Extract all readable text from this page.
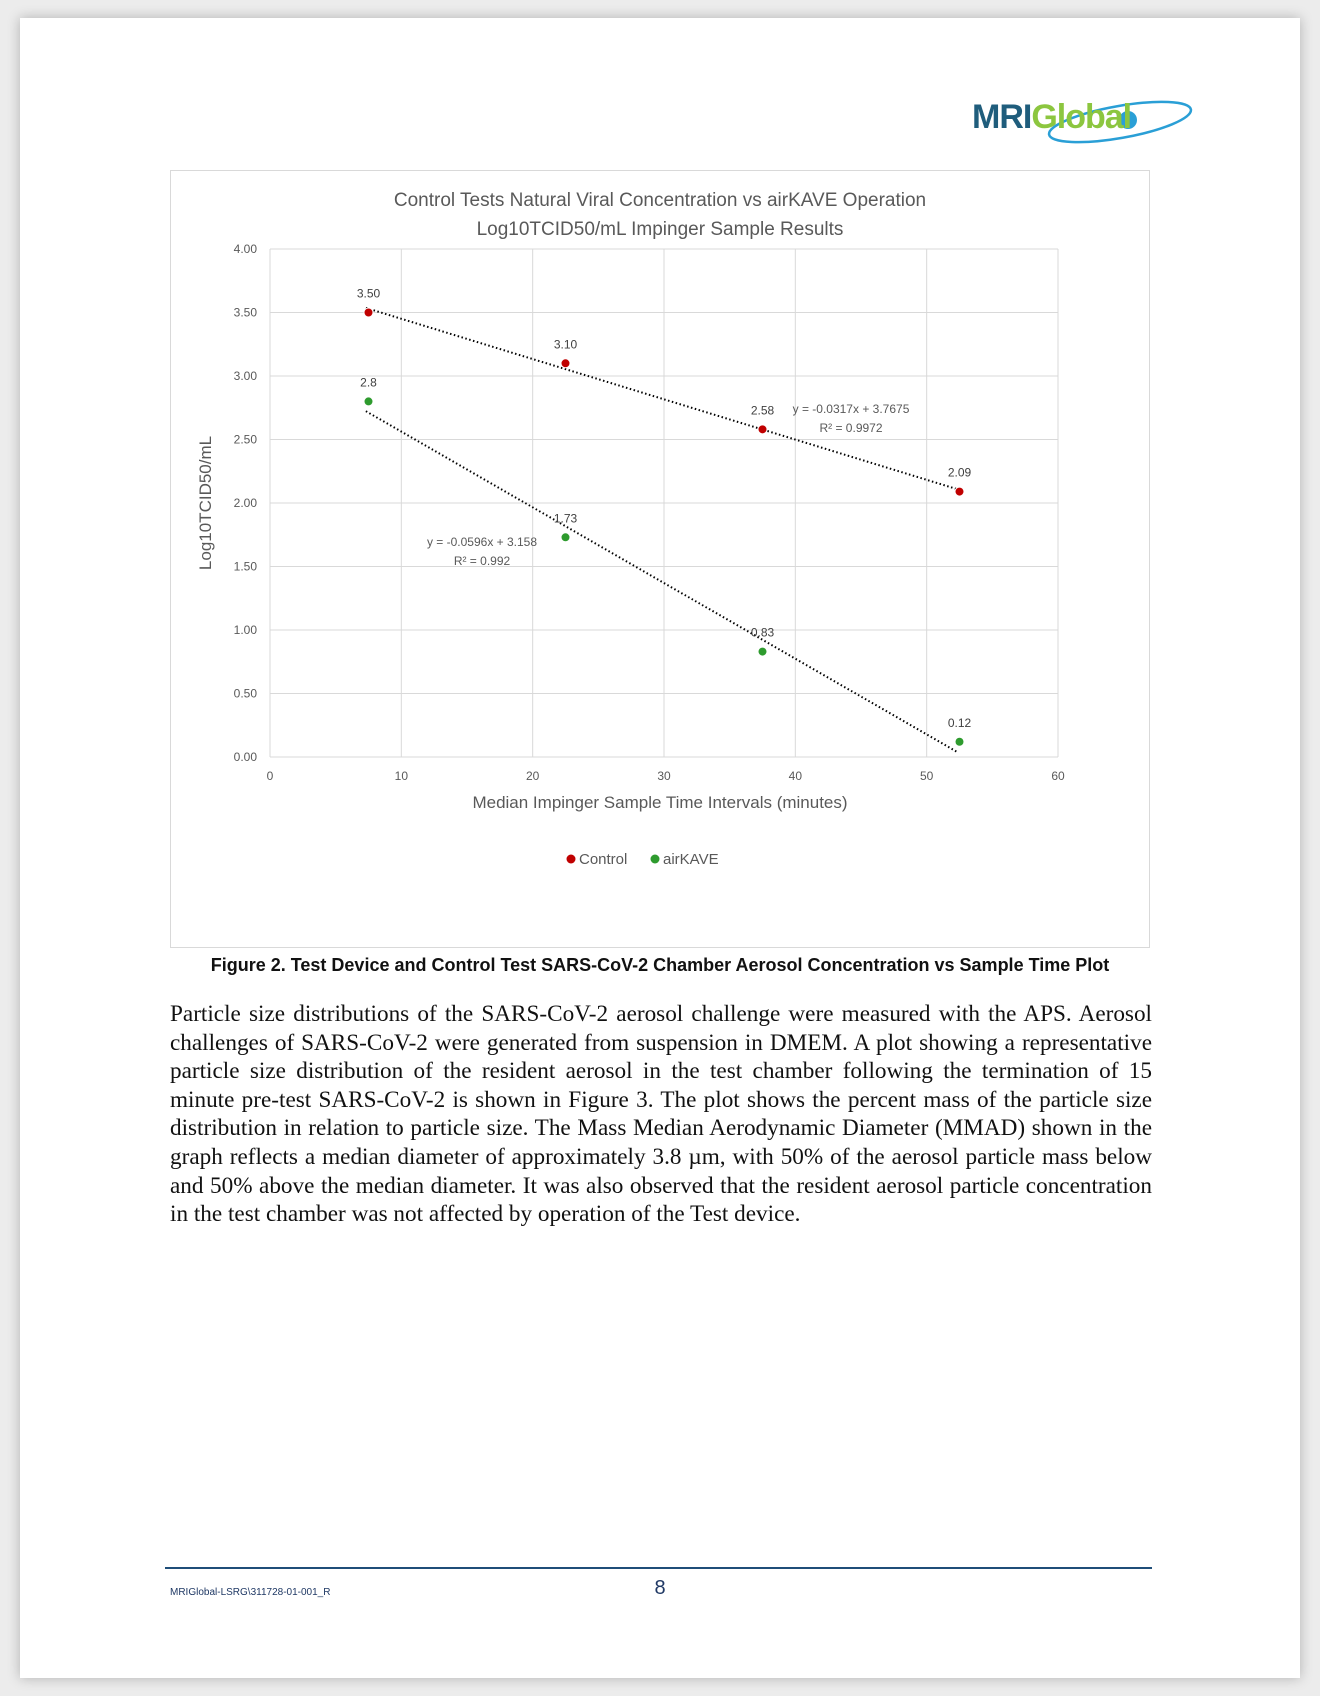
MRIGlobal
Control Tests Natural Viral Concentration vs airKAVE Operation
Log10TCID50/mL Impinger Sample Results
0.00
0.50
1.00
1.50
2.00
2.50
3.00
3.50
4.00
0	10	20	30	40	50	60
Median Impinger Sample Time Intervals (minutes)
Log10TCID50/mL
y = -0.0317x + 3.7675
R² = 0.9972
y = -0.0596x + 3.158
R² = 0.992
3.50
3.10
2.58
2.09
2.8
1.73
0.83
0.12
Control airKAVE
Figure 2. Test Device and Control Test SARS-CoV-2 Chamber Aerosol Concentration vs Sample Time Plot

Particle size distributions of the SARS-CoV-2 aerosol challenge were measured with the APS. Aerosol challenges of SARS-CoV-2 were generated from suspension in DMEM. A plot showing a representative particle size distribution of the resident aerosol in the test chamber following the termination of 15 minute pre-test SARS-CoV-2 is shown in Figure 3. The plot shows the percent mass of the particle size distribution in relation to particle size. The Mass Median Aerodynamic Diameter (MMAD) shown in the graph reflects a median diameter of approximately 3.8 µm, with 50% of the aerosol particle mass below and 50% above the median diameter. It was also observed that the resident aerosol particle concentration in the test chamber was not affected by operation of the Test device.

MRIGlobal-LSRG\311728-01-001_R	8
